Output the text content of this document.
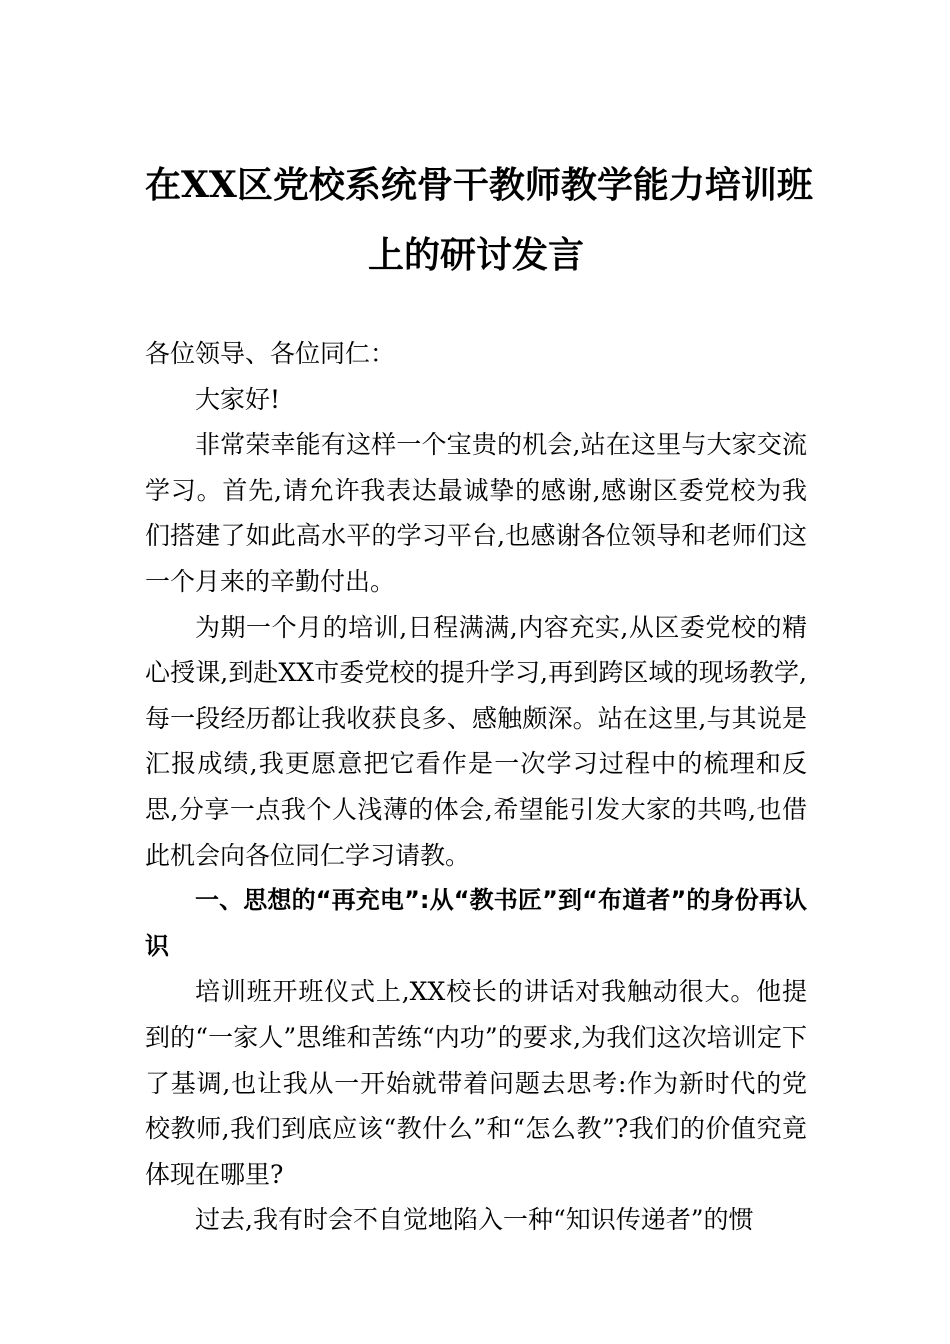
在XX区党校系统骨干教师教学能力培训班
上的研讨发言

各位领导、各位同仁：

大家好!

非常荣幸能有这样一个宝贵的机会,站在这里与大家交流学习。首先,请允许我表达最诚挚的感谢,感谢区委党校为我们搭建了如此高水平的学习平台,也感谢各位领导和老师们这一个月来的辛勤付出。

为期一个月的培训,日程满满,内容充实,从区委党校的精心授课,到赴XX市委党校的提升学习,再到跨区域的现场教学,每一段经历都让我收获良多、感触颇深。站在这里,与其说是汇报成绩,我更愿意把它看作是一次学习过程中的梳理和反思,分享一点我个人浅薄的体会,希望能引发大家的共鸣,也借此机会向各位同仁学习请教。

一、思想的“再充电”:从“教书匠”到“布道者”的身份再认识

培训班开班仪式上,XX校长的讲话对我触动很大。他提到的“一家人”思维和苦练“内功”的要求,为我们这次培训定下了基调,也让我从一开始就带着问题去思考:作为新时代的党校教师,我们到底应该“教什么”和“怎么教”?我们的价值究竟体现在哪里?

过去,我有时会不自觉地陷入一种“知识传递者”的惯
